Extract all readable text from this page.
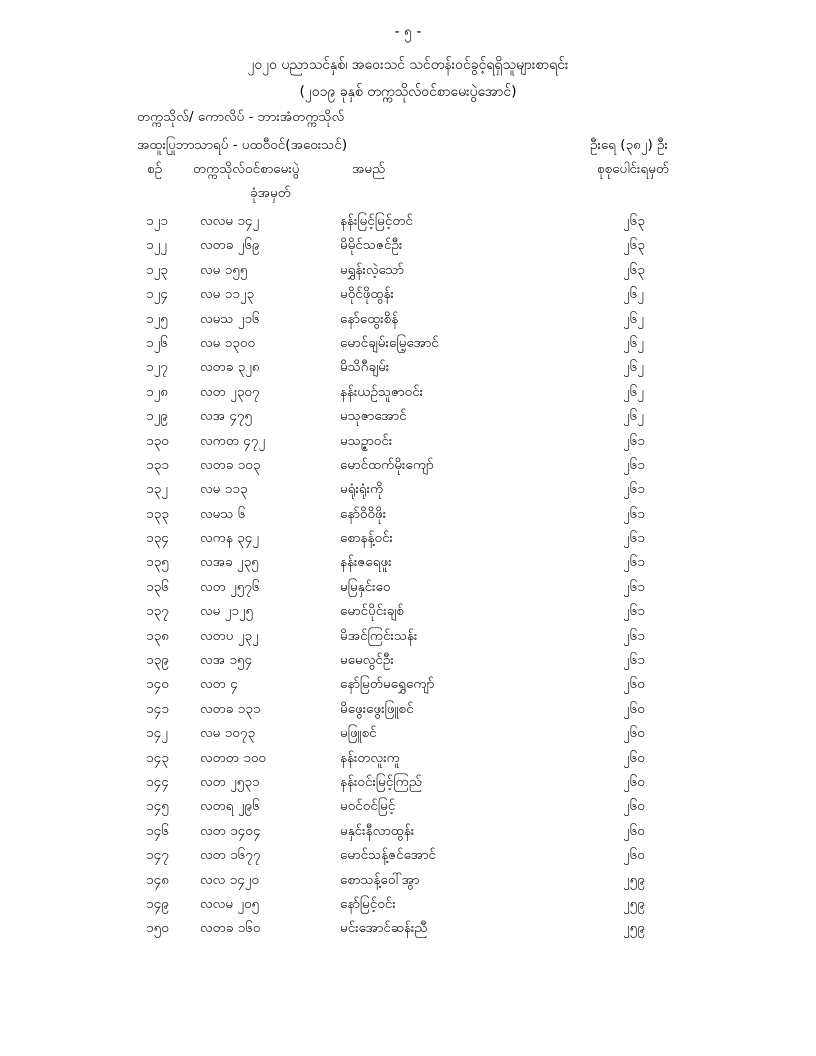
- ၅ -
၂၀၂၀ ပညာသင်နှစ်၊ အဝေးသင် သင်တန်းဝင်ခွင့်ရရှိသူများစာရင်း
(၂၀၁၉ ခုနှစ် တက္ကသိုလ်ဝင်စာမေးပွဲအောင်)
တက္ကသိုလ်/ ကောလိပ် - ဘားအံတက္ကသိုလ်
အထူးပြုဘာသာရပ် - ပထဝီဝင်(အဝေးသင်)	ဦးရေ (၃၈၂) ဦး
စဉ် တက္ကသိုလ်ဝင်စာမေးပွဲ
ခုံအမှတ်
အမည်	စုစုပေါင်းရမှတ်
၁၂၁ လလမ ၁၄၂	နန်းမြင့်မြင့်တင်	၂၆၃
၁၂၂ လတခ ၂၆၉	မိမိုင်သဇင်ဦး	၂၆၃
၁၂၃ လမ ၁၅၅	မရွှန်းလဲ့သော်	၂၆၃
၁၂၄ လမ ၁၁၂၃	မဝိုင်ဖိုထွန်း	၂၆၂
၁၂၅ လမသ ၂၁၆	နော်ထွေးစိန်	၂၆၂
၁၂၆ လမ ၁၃၀၀	မောင်ချမ်းမြေ့အောင်	၂၆၂
၁၂၇ လတခ ၃၂၈	မိသိဂီချမ်း	၂၆၂
၁၂၈ လတ ၂၃၀၇	နန်းယဉ်သူဇာဝင်း	၂၆၂
၁၂၉ လအ ၄၇၅	မသုဇာအောင်	၂၆၂
၁၃၀ လကတ ၄၇၂	မသဥ္ဇာဝင်း	၂၆၁
၁၃၁ လတခ ၁၀၃	မောင်ထက်မိုးကျော်	၂၆၁
၁၃၂ လမ ၁၁၃	မရုံးရုံးကို	၂၆၁
၁၃၃ လမသ ၆	နော်ဝိဝိဖိုး	၂၆၁
၁၃၄ လကန ၃၄၂	စောနန့်ဝင်း	၂၆၁
၁၃၅ လအခ ၂၃၅	နန်းဇရေဖူး	၂၆၁
၁၃၆ လတ ၂၅၇၆	မမြနှင်းဝေ	၂၆၁
၁၃၇ လမ ၂၁၂၅	မောင်ပိုင်းချစ်	၂၆၁
၁၃၈ လတပ ၂၃၂	မိအင်ကြင်းသန်း	၂၆၁
၁၃၉ လအ ၁၅၄	မမေလွင်ဦး	၂၆၁
၁၄၀ လတ ၄	နော်မြတ်မရွှေကျော်	၂၆၀
၁၄၁ လတခ ၁၃၁	မိဖွေးဖွေးဖြူစင်	၂၆၀
၁၄၂ လမ ၁၀၇၃	မဖြူစင်	၂၆၀
၁၄၃ လတတ ၁၀၀	နန်းတလူးကူ	၂၆၀
၁၄၄ လတ ၂၅၃၁	နန်းဝင်းမြင့်ကြည်	၂၆၀
၁၄၅ လတရ ၂၉၆	မဝင်ဝင်မြင့်	၂၆၀
၁၄၆ လတ ၁၄၀၄	မနှင်းနီလာထွန်း	၂၆၀
၁၄၇ လတ ၁၆၇၇	မောင်သန့်ဇင်အောင်	၂၆၀
၁၄၈ လလ ၁၄၂၀	စောသန့်ဝေါ်အွာ	၂၅၉
၁၄၉ လလမ ၂၀၅	နော်မြင့်ဝင်း	၂၅၉
၁၅၀ လတခ ၁၆၀	မင်းအောင်ဆန်းညီ	၂၅၉
